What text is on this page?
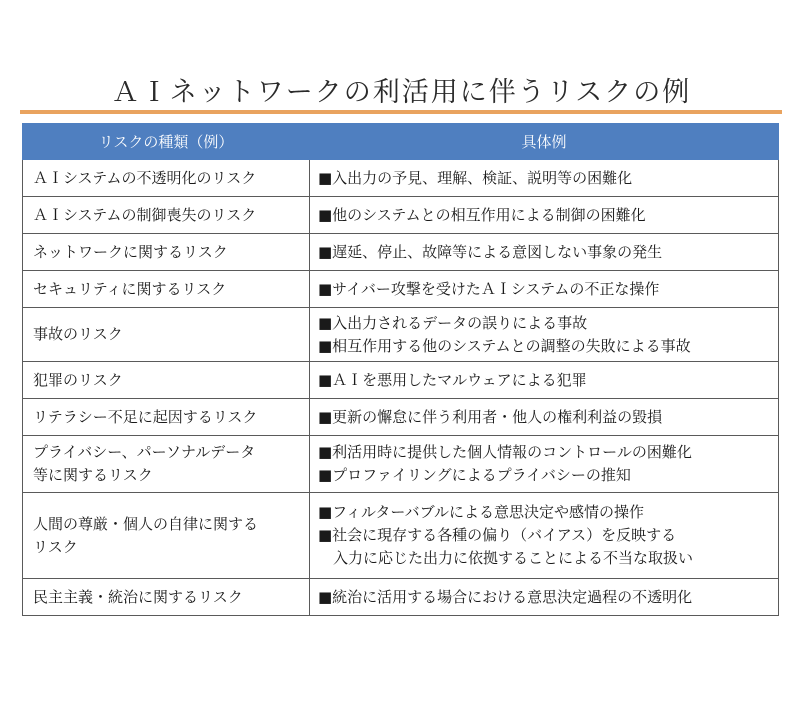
ＡＩネットワークの利活用に伴うリスクの例
リスクの種類（例）	具体例

ＡＩシステムの不透明化のリスク	■入出力の予見、理解、検証、説明等の困難化

ＡＩシステムの制御喪失のリスク	■他のシステムとの相互作用による制御の困難化

ネットワークに関するリスク	■遅延、停止、故障等による意図しない事象の発生

セキュリティに関するリスク	■サイバー攻撃を受けたＡＩシステムの不正な操作

事故のリスク	■入出力されるデータの誤りによる事故
■相互作用する他のシステムとの調整の失敗による事故

犯罪のリスク	■ＡＩを悪用したマルウェアによる犯罪

リテラシー不足に起因するリスク	■更新の懈怠に伴う利用者・他人の権利利益の毀損

プライバシー、パーソナルデータ
等に関するリスク	■利活用時に提供した個人情報のコントロールの困難化
■プロファイリングによるプライバシーの推知

人間の尊厳・個人の自律に関する
リスク	■フィルターバブルによる意思決定や感情の操作
■社会に現存する各種の偏り（バイアス）を反映する
　入力に応じた出力に依拠することによる不当な取扱い

民主主義・統治に関するリスク	■統治に活用する場合における意思決定過程の不透明化
